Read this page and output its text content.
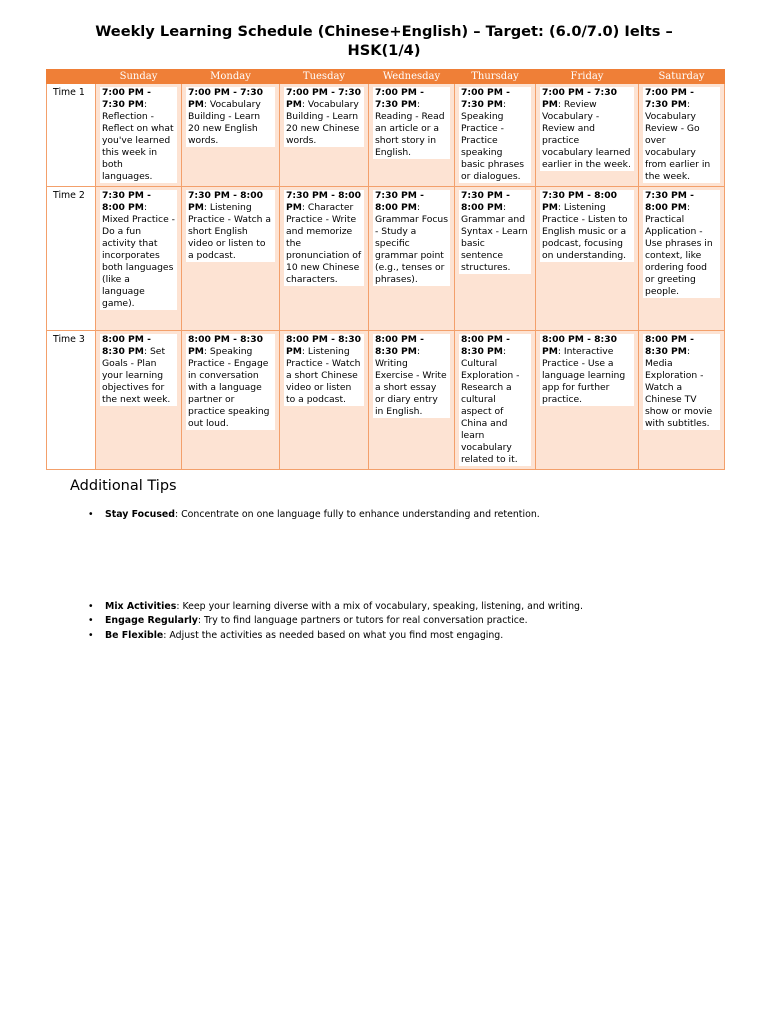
Weekly Learning Schedule (Chinese+English) – Target: (6.0/7.0) Ielts –
HSK(1/4)
	Sunday	Monday	Tuesday	Wednesday	Thursday	Friday	Saturday
Time 1	7:00 PM - 7:30 PM: Reflection - Reflect on what you've learned this week in both languages.	7:00 PM - 7:30 PM: Vocabulary Building - Learn 20 new English words.	7:00 PM - 7:30 PM: Vocabulary Building - Learn 20 new Chinese words.	7:00 PM - 7:30 PM: Reading - Read an article or a short story in English.	7:00 PM - 7:30 PM: Speaking Practice - Practice speaking basic phrases or dialogues.	7:00 PM - 7:30 PM: Review Vocabulary - Review and practice vocabulary learned earlier in the week.	7:00 PM - 7:30 PM: Vocabulary Review - Go over vocabulary from earlier in the week.

Time 2	7:30 PM - 8:00 PM: Mixed Practice - Do a fun activity that incorporates both languages (like a language game).	7:30 PM - 8:00 PM: Listening Practice - Watch a short English video or listen to a podcast.	7:30 PM - 8:00 PM: Character Practice - Write and memorize the pronunciation of 10 new Chinese characters.	7:30 PM - 8:00 PM: Grammar Focus - Study a specific grammar point (e.g., tenses or phrases).	7:30 PM - 8:00 PM: Grammar and Syntax - Learn basic sentence structures.	7:30 PM - 8:00 PM: Listening Practice - Listen to English music or a podcast, focusing on understanding.	7:30 PM - 8:00 PM: Practical Application - Use phrases in context, like ordering food or greeting people.

Time 3	8:00 PM - 8:30 PM: Set Goals - Plan your learning objectives for the next week.	8:00 PM - 8:30 PM: Speaking Practice - Engage in conversation with a language partner or practice speaking out loud.	8:00 PM - 8:30 PM: Listening Practice - Watch a short Chinese video or listen to a podcast.	8:00 PM - 8:30 PM: Writing Exercise - Write a short essay or diary entry in English.	8:00 PM - 8:30 PM: Cultural Exploration - Research a cultural aspect of China and learn vocabulary related to it.	8:00 PM - 8:30 PM: Interactive Practice - Use a language learning app for further practice.	8:00 PM - 8:30 PM: Media Exploration - Watch a Chinese TV show or movie with subtitles.
Additional Tips
• Stay Focused: Concentrate on one language fully to enhance understanding and retention.
• Mix Activities: Keep your learning diverse with a mix of vocabulary, speaking, listening, and writing.
• Engage Regularly: Try to find language partners or tutors for real conversation practice.
• Be Flexible: Adjust the activities as needed based on what you find most engaging.
